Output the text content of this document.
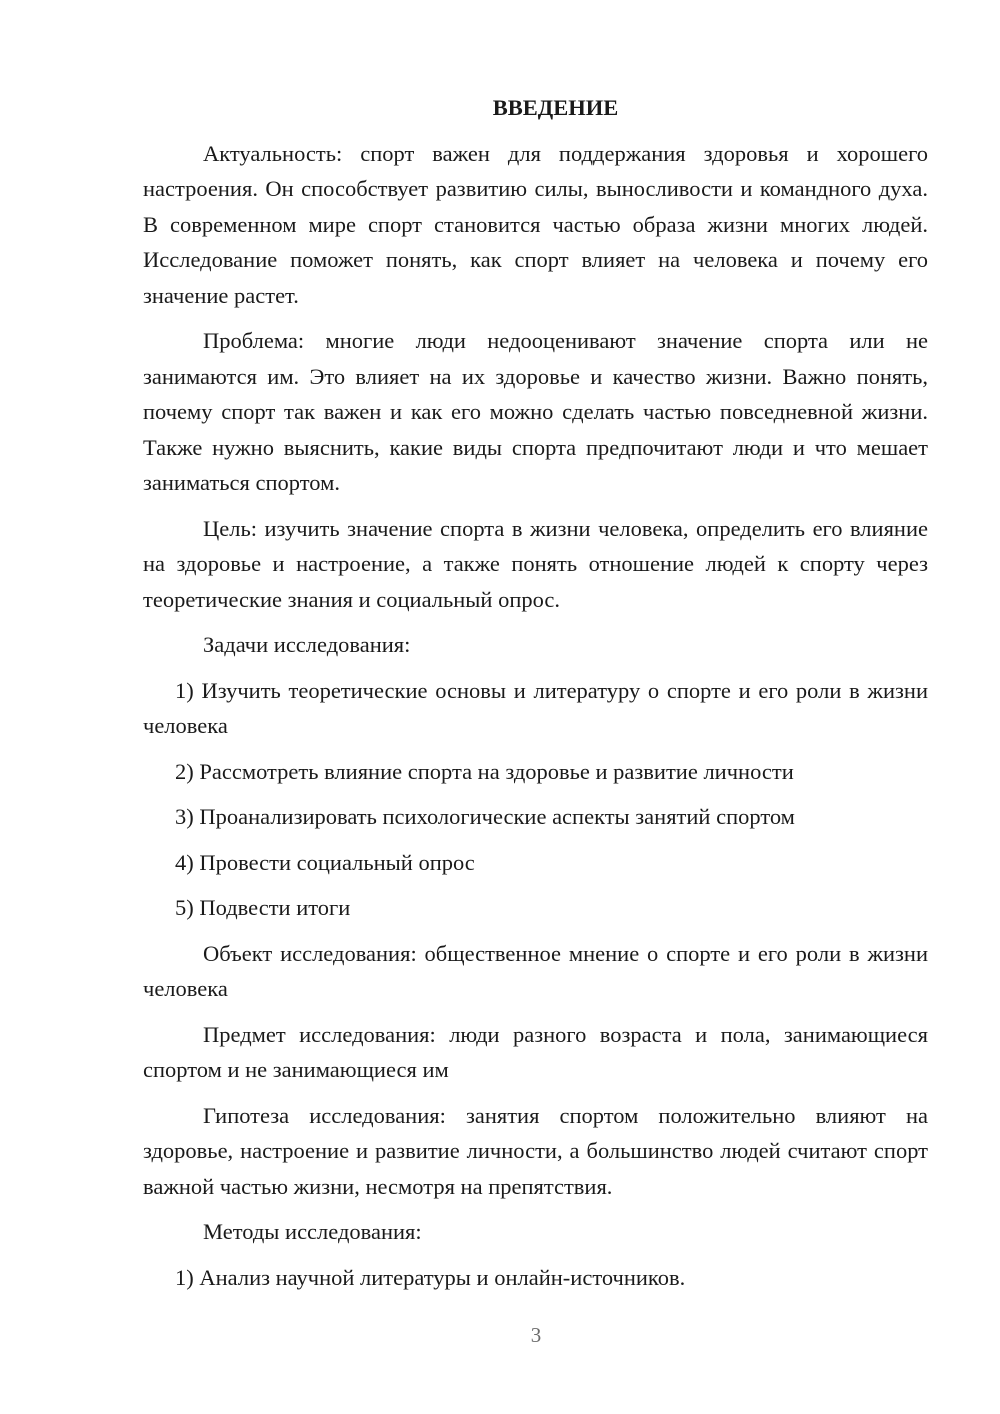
ВВЕДЕНИЕ

Актуальность: спорт важен для поддержания здоровья и хорошего настроения. Он способствует развитию силы, выносливости и командного духа. В современном мире спорт становится частью образа жизни многих людей. Исследование поможет понять, как спорт влияет на человека и почему его значение растет.

Проблема: многие люди недооценивают значение спорта или не занимаются им. Это влияет на их здоровье и качество жизни. Важно понять, почему спорт так важен и как его можно сделать частью повседневной жизни. Также нужно выяснить, какие виды спорта предпочитают люди и что мешает заниматься спортом.

Цель: изучить значение спорта в жизни человека, определить его влияние на здоровье и настроение, а также понять отношение людей к спорту через теоретические знания и социальный опрос.

Задачи исследования:

1) Изучить теоретические основы и литературу о спорте и его роли в жизни человека

2) Рассмотреть влияние спорта на здоровье и развитие личности

3) Проанализировать психологические аспекты занятий спортом

4) Провести социальный опрос

5) Подвести итоги

Объект исследования: общественное мнение о спорте и его роли в жизни человека

Предмет исследования: люди разного возраста и пола, занимающиеся спортом и не занимающиеся им

Гипотеза исследования: занятия спортом положительно влияют на здоровье, настроение и развитие личности, а большинство людей считают спорт важной частью жизни, несмотря на препятствия.

Методы исследования:

1) Анализ научной литературы и онлайн-источников.

3
